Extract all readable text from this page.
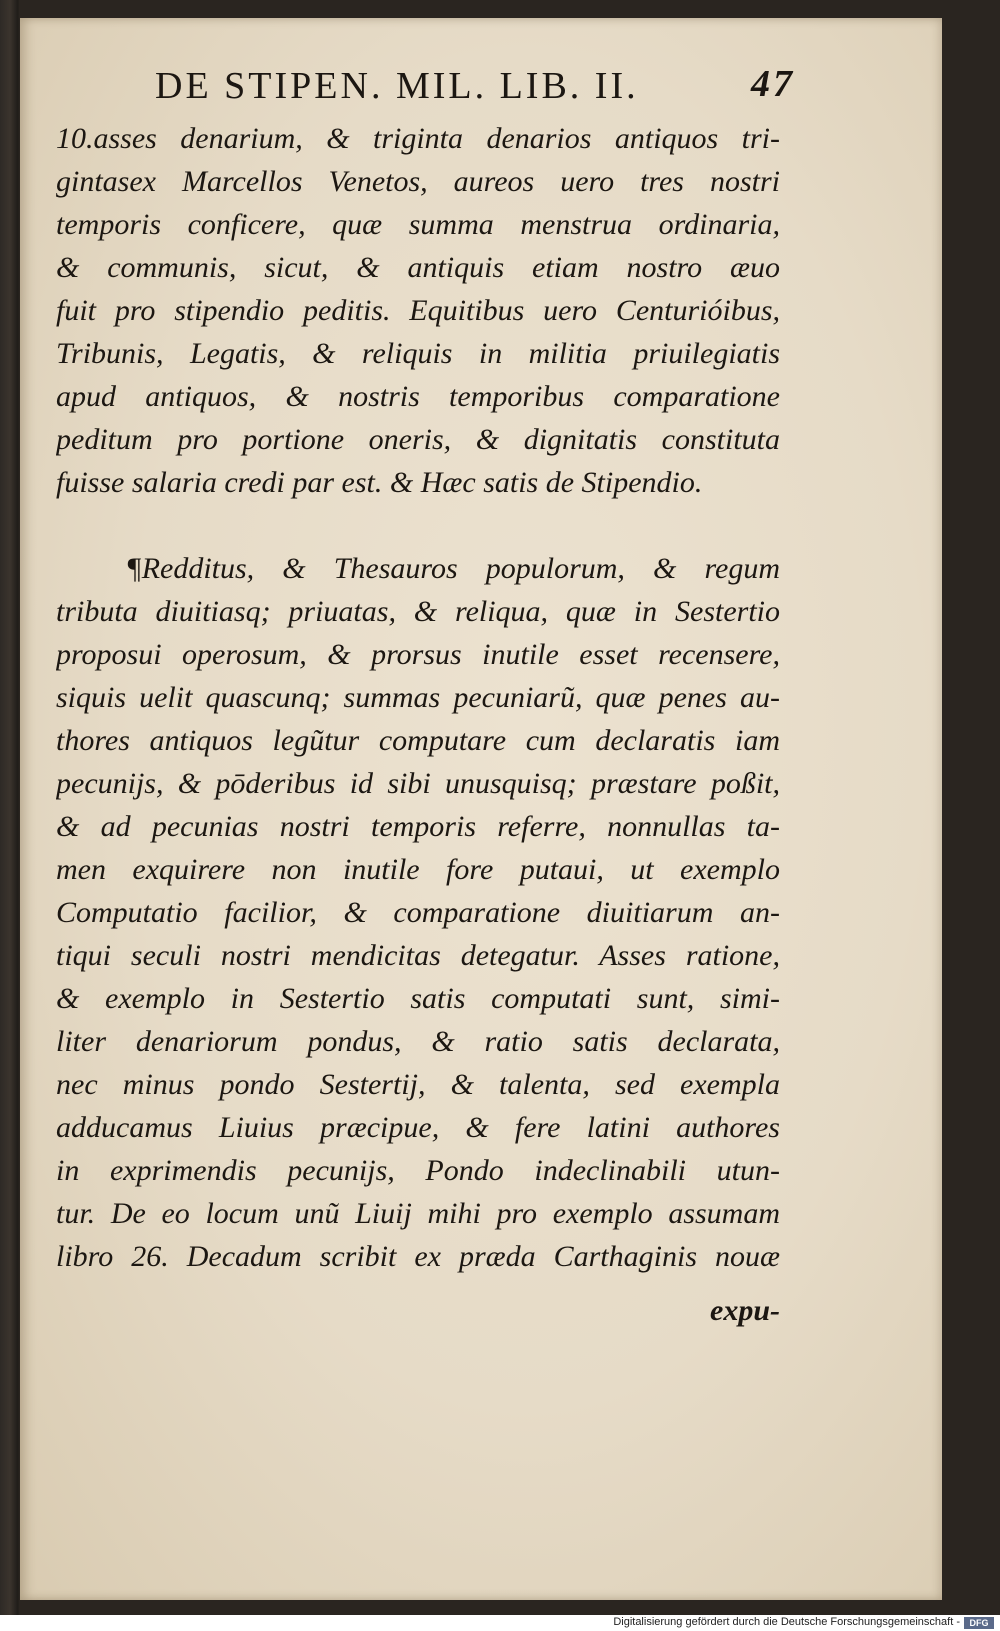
DE STIPEN. MIL. LIB. II.	47
10.asses denarium, & triginta denarios antiquos tri-
gintasex Marcellos Venetos, aureos uero tres nostri
temporis conficere, quæ summa menstrua ordinaria,
& communis, sicut, & antiquis etiam nostro æuo
fuit pro stipendio peditis. Equitibus uero Centurióibus,
Tribunis, Legatis, & reliquis in militia priuilegiatis
apud antiquos, & nostris temporibus comparatione
peditum pro portione oneris, & dignitatis constituta
fuisse salaria credi par est. & Hæc satis de Stipendio.
¶Redditus, & Thesauros populorum, & regum
tributa diuitiasq; priuatas, & reliqua, quæ in Sestertio
proposui operosum, & prorsus inutile esset recensere,
siquis uelit quascunq; summas pecuniarũ, quæ penes au-
thores antiquos legũtur computare cum declaratis iam
pecunijs, & pōderibus id sibi unusquisq; præstare poßit,
& ad pecunias nostri temporis referre, nonnullas ta-
men exquirere non inutile fore putaui, ut exemplo
Computatio facilior, & comparatione diuitiarum an-
tiqui seculi nostri mendicitas detegatur. Asses ratione,
& exemplo in Sestertio satis computati sunt, simi-
liter denariorum pondus, & ratio satis declarata,
nec minus pondo Sestertij, & talenta, sed exempla
adducamus Liuius præcipue, & fere latini authores
in exprimendis pecunijs, Pondo indeclinabili utun-
tur. De eo locum unũ Liuij mihi pro exemplo assumam
libro 26. Decadum scribit ex præda Carthaginis nouæ
expu-
Digitalisierung gefördert durch die Deutsche Forschungsgemeinschaft -	DFG
